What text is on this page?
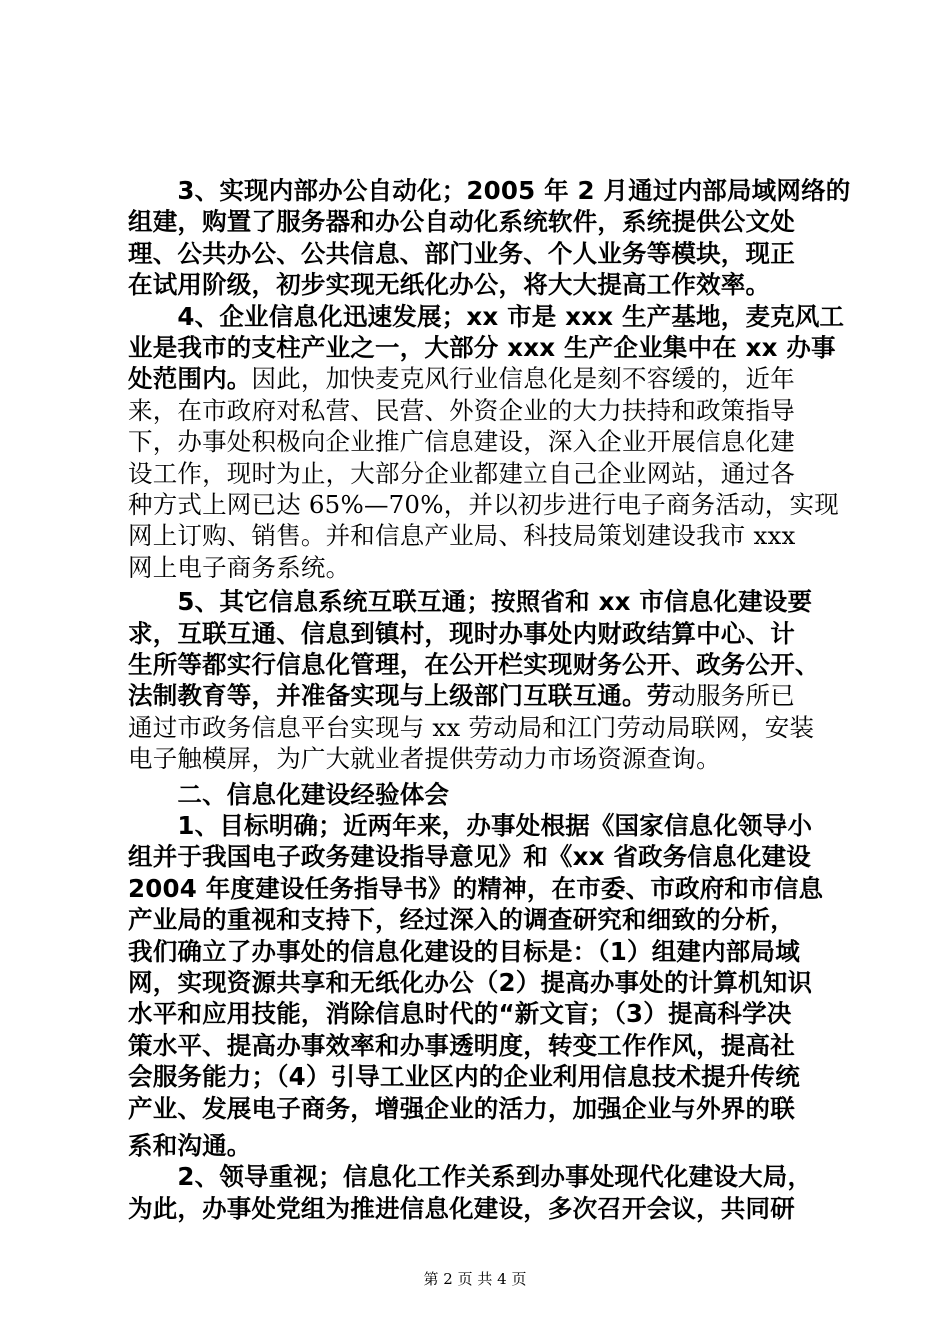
　　3、实现内部办公自动化；2005 年 2 月通过内部局域网络的
组建，购置了服务器和办公自动化系统软件，系统提供公文处
理、公共办公、公共信息、部门业务、个人业务等模块，现正
在试用阶级，初步实现无纸化办公，将大大提高工作效率。
　　4、企业信息化迅速发展；xx 市是 xxx 生产基地，麦克风工
业是我市的支柱产业之一，大部分 xxx 生产企业集中在 xx 办事
处范围内。因此，加快麦克风行业信息化是刻不容缓的，近年
来，在市政府对私营、民营、外资企业的大力扶持和政策指导
下，办事处积极向企业推广信息建设，深入企业开展信息化建
设工作，现时为止，大部分企业都建立自己企业网站，通过各
种方式上网已达 65%—70%，并以初步进行电子商务活动，实现
网上订购、销售。并和信息产业局、科技局策划建设我市 xxx
网上电子商务系统。
　　5、其它信息系统互联互通；按照省和 xx 市信息化建设要
求，互联互通、信息到镇村，现时办事处内财政结算中心、计
生所等都实行信息化管理，在公开栏实现财务公开、政务公开、
法制教育等，并准备实现与上级部门互联互通。劳动服务所已
通过市政务信息平台实现与 xx 劳动局和江门劳动局联网，安装
电子触模屏，为广大就业者提供劳动力市场资源查询。
　　二、信息化建设经验体会
　　1、目标明确；近两年来，办事处根据《国家信息化领导小
组并于我国电子政务建设指导意见》和《xx 省政务信息化建设
2004 年度建设任务指导书》的精神，在市委、市政府和市信息
产业局的重视和支持下，经过深入的调查研究和细致的分析，
我们确立了办事处的信息化建设的目标是：（1）组建内部局域
网，实现资源共享和无纸化办公（2）提高办事处的计算机知识
水平和应用技能，消除信息时代的“新文盲；（3）提高科学决
策水平、提高办事效率和办事透明度，转变工作作风，提高社
会服务能力；（4）引导工业区内的企业利用信息技术提升传统
产业、发展电子商务，增强企业的活力，加强企业与外界的联
系和沟通。
　　2、领导重视；信息化工作关系到办事处现代化建设大局，
为此，办事处党组为推进信息化建设，多次召开会议，共同研
第 2 页 共 4 页
